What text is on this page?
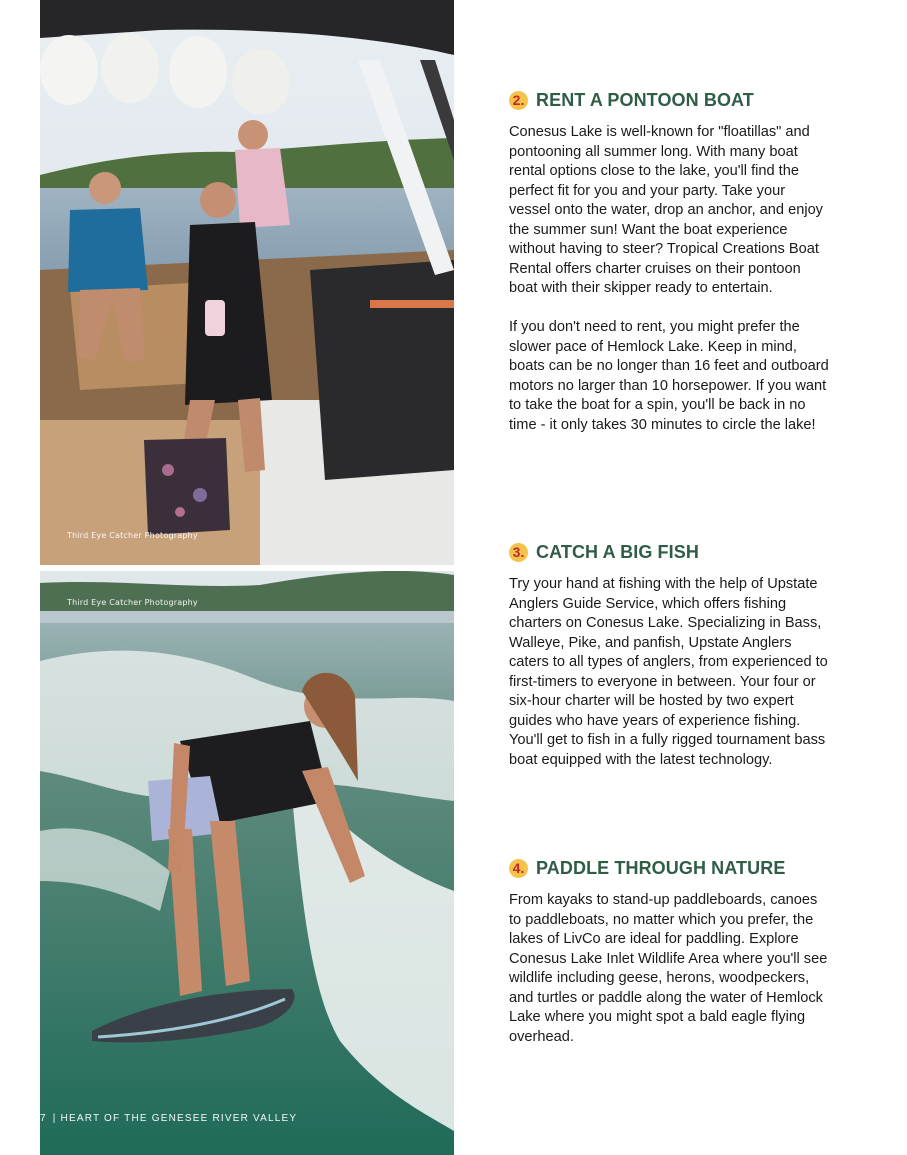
Third Eye Catcher Photography
Third Eye Catcher Photography
7 | HEART OF THE GENESEE RIVER VALLEY
2. RENT A PONTOON BOAT

Conesus Lake is well-known for "floatillas" and pontooning all summer long. With many boat rental options close to the lake, you'll find the perfect fit for you and your party. Take your vessel onto the water, drop an anchor, and enjoy the summer sun! Want the boat experience without having to steer? Tropical Creations Boat Rental offers charter cruises on their pontoon boat with their skipper ready to entertain.

If you don't need to rent, you might prefer the slower pace of Hemlock Lake. Keep in mind, boats can be no longer than 16 feet and outboard motors no larger than 10 horsepower. If you want to take the boat for a spin, you'll be back in no time - it only takes 30 minutes to circle the lake!

3. CATCH A BIG FISH

Try your hand at fishing with the help of Upstate Anglers Guide Service, which offers fishing charters on Conesus Lake. Specializing in Bass, Walleye, Pike, and panfish, Upstate Anglers caters to all types of anglers, from experienced to first-timers to everyone in between. Your four or six-hour charter will be hosted by two expert guides who have years of experience fishing. You'll get to fish in a fully rigged tournament bass boat equipped with the latest technology.

4. PADDLE THROUGH NATURE

From kayaks to stand-up paddleboards, canoes to paddleboats, no matter which you prefer, the lakes of LivCo are ideal for paddling. Explore Conesus Lake Inlet Wildlife Area where you'll see wildlife including geese, herons, woodpeckers, and turtles or paddle along the water of Hemlock Lake where you might spot a bald eagle flying overhead.
